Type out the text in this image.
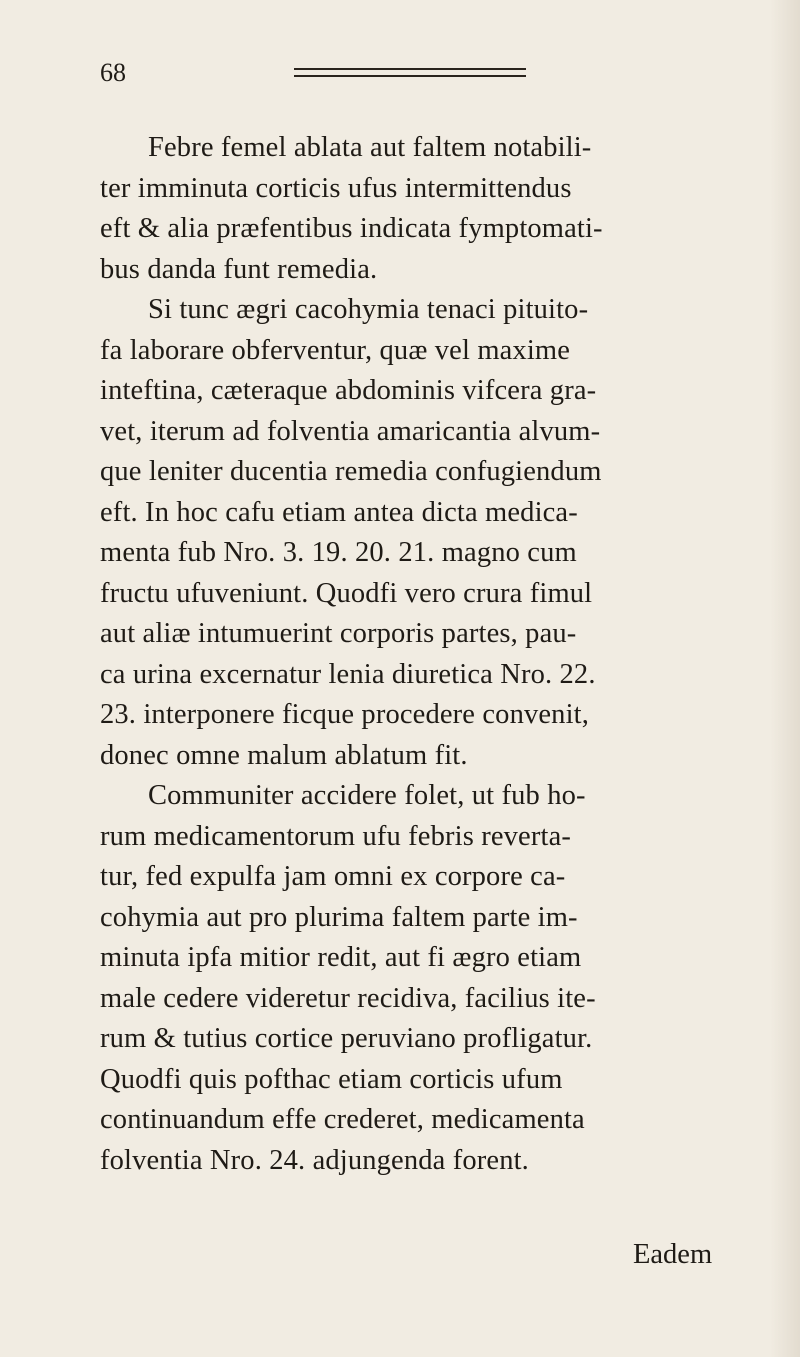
68
Febre femel ablata aut faltem notabili-
ter imminuta corticis ufus intermittendus
eft & alia præfentibus indicata fymptomati-
bus danda funt remedia.
Si tunc ægri cacohymia tenaci pituito-
fa laborare obferventur, quæ vel maxime
inteftina, cæteraque abdominis vifcera gra-
vet, iterum ad folventia amaricantia alvum-
que leniter ducentia remedia confugiendum
eft. In hoc cafu etiam antea dicta medica-
menta fub Nro. 3. 19. 20. 21. magno cum
fructu ufuveniunt. Quodfi vero crura fimul
aut aliæ intumuerint corporis partes, pau-
ca urina excernatur lenia diuretica Nro. 22.
23. interponere ficque procedere convenit,
donec omne malum ablatum fit.
Communiter accidere folet, ut fub ho-
rum medicamentorum ufu febris reverta-
tur, fed expulfa jam omni ex corpore ca-
cohymia aut pro plurima faltem parte im-
minuta ipfa mitior redit, aut fi ægro etiam
male cedere videretur recidiva, facilius ite-
rum & tutius cortice peruviano profligatur.
Quodfi quis pofthac etiam corticis ufum
continuandum effe crederet, medicamenta
folventia Nro. 24. adjungenda forent.
Eadem
